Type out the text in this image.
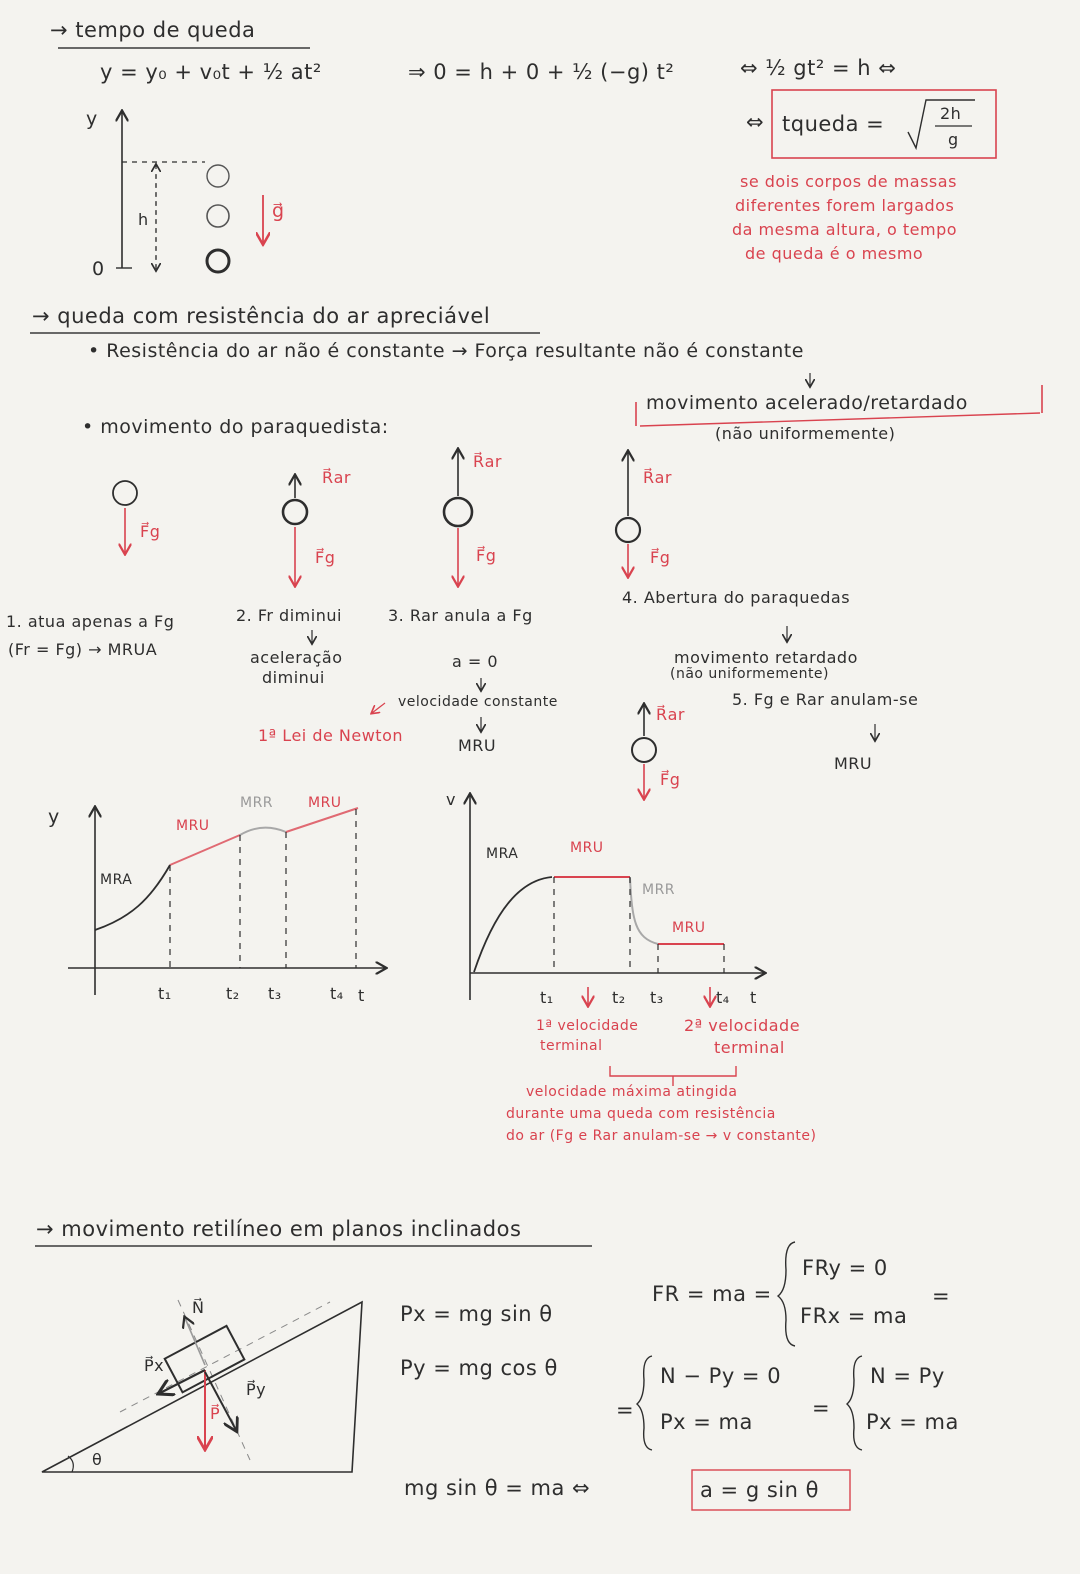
→ tempo de queda
y = y₀ + v₀t + ½ at²	⇒ 0 = h + 0 + ½ (−g) t²	⇔ ½ gt² = h ⇔
⇔ tqueda =	2h
g
y
0
h	g⃗
se dois corpos de massas
diferentes forem largados
da mesma altura, o tempo
de queda é o mesmo
→ queda com resistência do ar apreciável
• Resistência do ar não é constante → Força resultante não é constante
movimento acelerado/retardado
(não uniformemente)
• movimento do paraquedista:
F⃗g
R⃗ar
F⃗g
R⃗ar
F⃗g
R⃗ar
F⃗g
R⃗ar
F⃗g
1. atua apenas a Fg
(Fr = Fg) → MRUA
2. Fr diminui
aceleração
diminui
3. Rar anula a Fg
a = 0
velocidade constante
MRU
1ª Lei de Newton
4. Abertura do paraquedas
movimento retardado
(não uniformemente)
5. Fg e Rar anulam-se
MRU
y
MRA
MRU
MRR MRU
t₁	t₂ t₃	t₄ t
v
MRA	MRU
MRR
MRU
t₁	t₂ t₃	t₄ t
1ª velocidade
terminal
2ª velocidade
terminal
velocidade máxima atingida
durante uma queda com resistência
do ar (Fg e Rar anulam-se → v constante)
→ movimento retilíneo em planos inclinados
N⃗
P⃗x
P⃗y
P⃗
θ
Px = mg sin θ
Py = mg cos θ
FR = ma =
FRy = 0
FRx = ma
=
=
N − Py = 0
Px = ma
=
N = Py
Px = ma
mg sin θ = ma ⇔	a = g sin θ
